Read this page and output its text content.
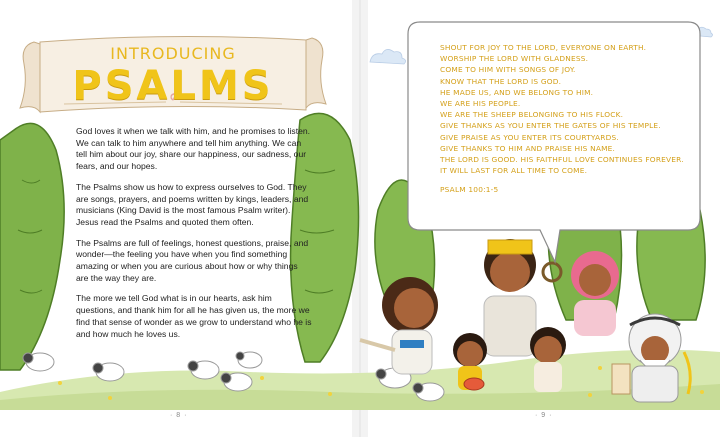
INTRODUCING
PSALMS

God loves it when we talk with him, and he promises to listen. We can talk to him anywhere and tell him anything. We can tell him about our joy, share our happiness, our sadness, our fears, and our hopes.

The Psalms show us how to express ourselves to God. They are songs, prayers, and poems written by kings, leaders, and musicians (King David is the most famous Psalm writer). Jesus read the Psalms and quoted them often.

The Psalms are full of feelings, honest questions, praise, and wonder—the feeling you have when you find something amazing or when you are curious about how or why things are the way they are.

The more we tell God what is in our hearts, ask him questions, and thank him for all he has given us, the more we find that sense of wonder as we grow to understand who he is and how much he loves us.

SHOUT FOR JOY TO THE LORD, EVERYONE ON EARTH.
WORSHIP THE LORD WITH GLADNESS.
COME TO HIM WITH SONGS OF JOY.
KNOW THAT THE LORD IS GOD.
HE MADE US, AND WE BELONG TO HIM.
WE ARE HIS PEOPLE.
WE ARE THE SHEEP BELONGING TO HIS FLOCK.
GIVE THANKS AS YOU ENTER THE GATES OF HIS TEMPLE.
GIVE PRAISE AS YOU ENTER ITS COURTYARDS.
GIVE THANKS TO HIM AND PRAISE HIS NAME.
THE LORD IS GOOD. HIS FAITHFUL LOVE CONTINUES FOREVER.
IT WILL LAST FOR ALL TIME TO COME.
PSALM 100:1-5
· 8 ·	· 9 ·
